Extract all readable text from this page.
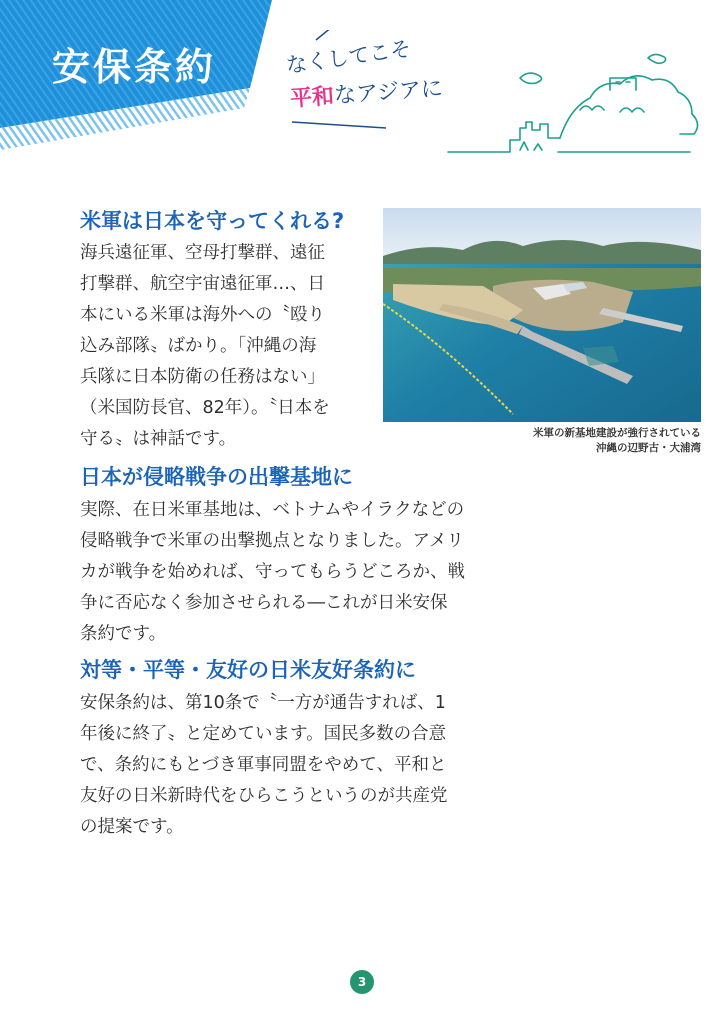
安保条約	なくしてこそ
平和なアジアに
米軍は日本を守ってくれる?
海兵遠征軍、空母打撃群、遠征
打撃群、航空宇宙遠征軍…、日
本にいる米軍は海外への〝殴り
込み部隊〟ばかり。「沖縄の海
兵隊に日本防衛の任務はない」
（米国防長官、82年）。〝日本を
守る〟は神話です。	米軍の新基地建設が強行されている
沖縄の辺野古・大浦湾
日本が侵略戦争の出撃基地に
実際、在日米軍基地は、ベトナムやイラクなどの
侵略戦争で米軍の出撃拠点となりました。アメリ
カが戦争を始めれば、守ってもらうどころか、戦
争に否応なく参加させられる―これが日米安保
条約です。
対等・平等・友好の日米友好条約に
安保条約は、第10条で〝一方が通告すれば、1
年後に終了〟と定めています。国民多数の合意
で、条約にもとづき軍事同盟をやめて、平和と
友好の日米新時代をひらこうというのが共産党
の提案です。
3
